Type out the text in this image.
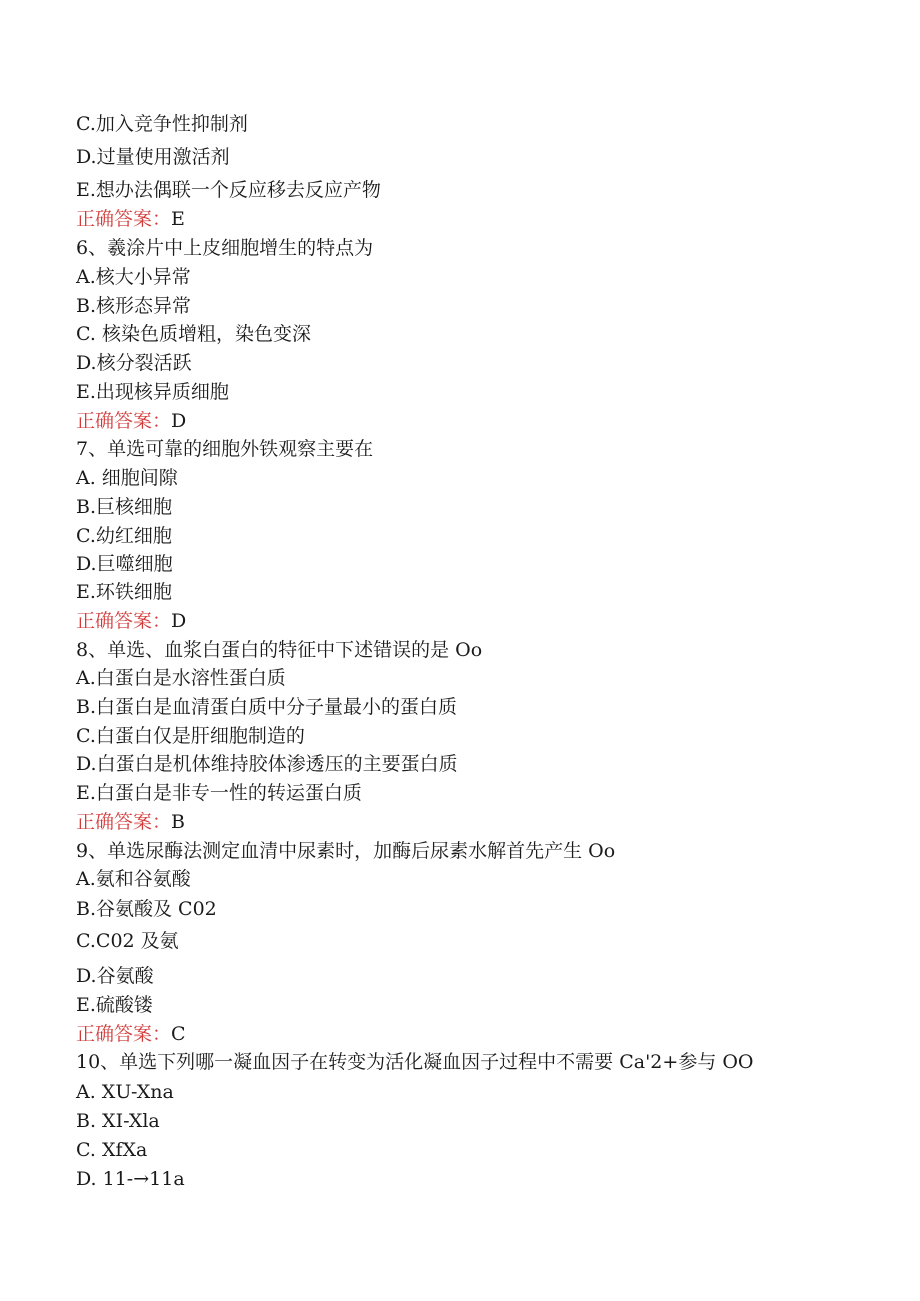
C.加入竞争性抑制剂
D.过量使用激活剂
E.想办法偶联一个反应移去反应产物
正确答案：E
6、羲涂片中上皮细胞增生的特点为
A.核大小异常
B.核形态异常
C. 核染色质增粗，染色变深
D.核分裂活跃
E.出现核异质细胞
正确答案：D
7、单选可靠的细胞外铁观察主要在
A. 细胞间隙
B.巨核细胞
C.幼红细胞
D.巨噬细胞
E.环铁细胞
正确答案：D
8、单选、血浆白蛋白的特征中下述错误的是 Oo
A.白蛋白是水溶性蛋白质
B.白蛋白是血清蛋白质中分子量最小的蛋白质
C.白蛋白仅是肝细胞制造的
D.白蛋白是机体维持胶体渗透压的主要蛋白质
E.白蛋白是非专一性的转运蛋白质
正确答案：B
9、单选尿酶法测定血清中尿素时，加酶后尿素水解首先产生 Oo
A.氨和谷氨酸
B.谷氨酸及 C02
C.C02 及氨
D.谷氨酸
E.硫酸镂
正确答案：C
10、单选下列哪一凝血因子在转变为活化凝血因子过程中不需要 Ca'2+参与 OO
A. XU-Xna
B. XI-Xla
C. XfXa
D. 11-→11a
